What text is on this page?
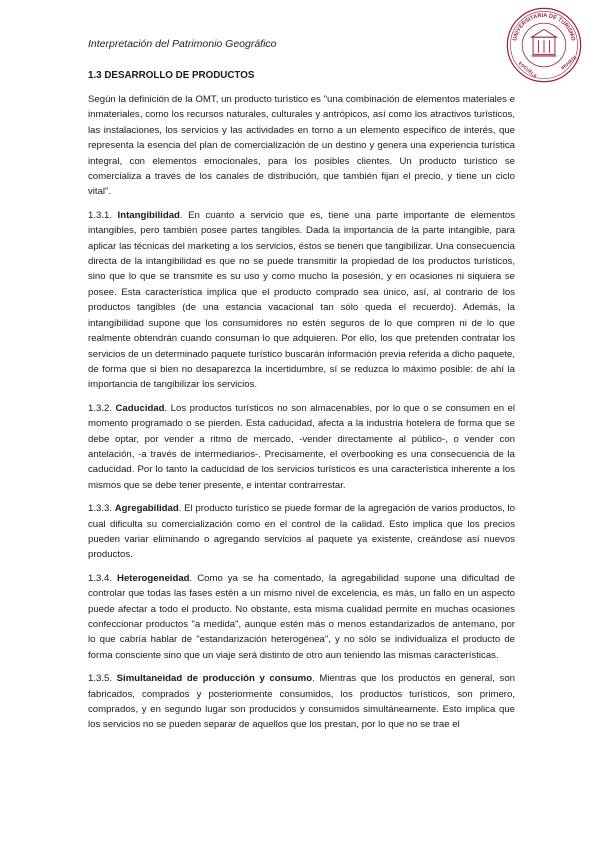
Interpretación del Patrimonio Geográfico	UNIVERSITARIA DE TURISMO
ESCUELA	IRIARTE
1.3 DESARROLLO DE PRODUCTOS

Según la definición de la OMT, un producto turístico es "una combinación de elementos materiales e inmateriales, como los recursos naturales, culturales y antrópicos, así como los atractivos turísticos, las instalaciones, los servicios y las actividades en torno a un elemento específico de interés, que representa la esencia del plan de comercialización de un destino y genera una experiencia turística integral, con elementos emocionales, para los posibles clientes. Un producto turístico se comercializa a través de los canales de distribución, que también fijan el precio, y tiene un ciclo vital".

1.3.1. Intangibilidad. En cuanto a servicio que es, tiene una parte importante de elementos intangibles, pero también posee partes tangibles. Dada la importancia de la parte intangible, para aplicar las técnicas del marketing a los servicios, éstos se tienen que tangibilizar. Una consecuencia directa de la intangibilidad es que no se puede transmitir la propiedad de los productos turísticos, sino que lo que se transmite es su uso y como mucho la posesión, y en ocasiones ni siquiera se posee. Esta característica implica que el producto comprado sea único, así, al contrario de los productos tangibles (de una estancia vacacional tan sólo queda el recuerdo). Además, la intangibilidad supone que los consumidores no estén seguros de lo que compren ni de lo que realmente obtendrán cuando consuman lo que adquieren. Por ello, los que pretenden contratar los servicios de un determinado paquete turístico buscarán información previa referida a dicho paquete, de forma que si bien no desaparezca la incertidumbre, sí se reduzca lo máximo posible: de ahí la importancia de tangibilizar los servicios.

1.3.2. Caducidad. Los productos turísticos no son almacenables, por lo que o se consumen en el momento programado o se pierden. Esta caducidad, afecta a la industria hotelera de forma que se debe optar, por vender a ritmo de mercado, -vender directamente al público-, o vender con antelación, -a través de intermediarios-. Precisamente, el overbooking es una consecuencia de la caducidad. Por lo tanto la caducidad de los servicios turísticos es una característica inherente a los mismos que se debe tener presente, e intentar contrarrestar.

1.3.3. Agregabilidad. El producto turístico se puede formar de la agregación de varios productos, lo cual dificulta su comercialización como en el control de la calidad. Esto implica que los precios pueden variar eliminando o agregando servicios al paquete ya existente, creándose así nuevos productos.

1.3.4. Heterogeneidad. Como ya se ha comentado, la agregabilidad supone una dificultad de controlar que todas las fases estén a un mismo nivel de excelencia, es más, un fallo en un aspecto puede afectar a todo el producto. No obstante, esta misma cualidad permite en muchas ocasiones confeccionar productos "a medida", aunque estén más o menos estandarizados de antemano, por lo que cabría hablar de "estandarización heterogénea", y no sólo se individualiza el producto de forma consciente sino que un viaje será distinto de otro aun teniendo las mismas características.

1.3.5. Simultaneidad de producción y consumo. Mientras que los productos en general, son fabricados, comprados y posteriormente consumidos, los productos turísticos, son primero, comprados, y en segundo lugar son producidos y consumidos simultáneamente. Esto implica que los servicios no se pueden separar de aquellos que los prestan, por lo que no se trae el
